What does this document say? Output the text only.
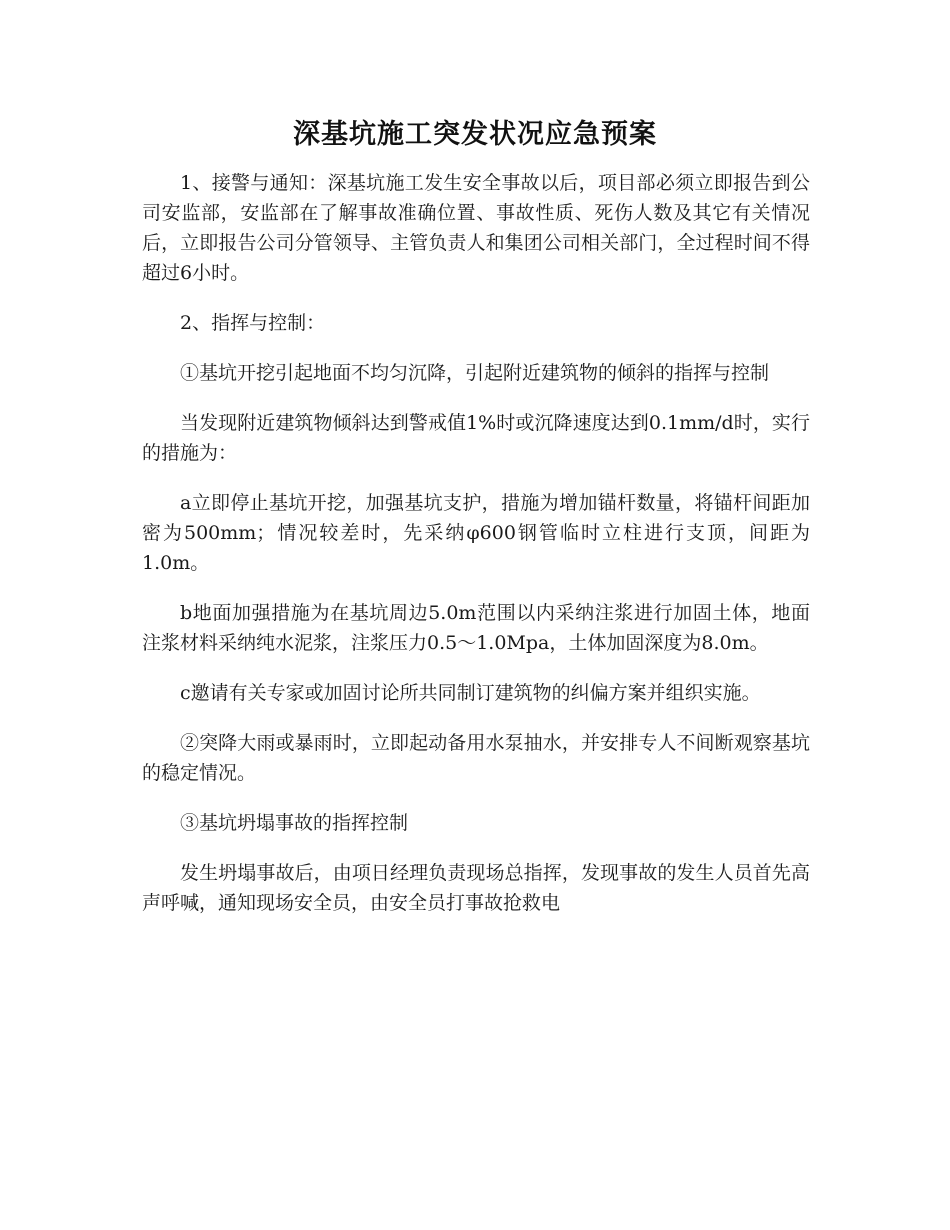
深基坑施工突发状况应急预案

1、接警与通知：深基坑施工发生安全事故以后，项目部必须立即报告到公司安监部，安监部在了解事故准确位置、事故性质、死伤人数及其它有关情况后，立即报告公司分管领导、主管负责人和集团公司相关部门，全过程时间不得超过6小时。

2、指挥与控制：

①基坑开挖引起地面不均匀沉降，引起附近建筑物的倾斜的指挥与控制

当发现附近建筑物倾斜达到警戒值1%时或沉降速度达到0.1mm/d时，实行的措施为：

a立即停止基坑开挖，加强基坑支护，措施为增加锚杆数量，将锚杆间距加密为500mm；情况较差时，先采纳φ600钢管临时立柱进行支顶，间距为1.0m。

b地面加强措施为在基坑周边5.0m范围以内采纳注浆进行加固土体，地面注浆材料采纳纯水泥浆，注浆压力0.5～1.0Mpa，土体加固深度为8.0m。

c邀请有关专家或加固讨论所共同制订建筑物的纠偏方案并组织实施。

②突降大雨或暴雨时，立即起动备用水泵抽水，并安排专人不间断观察基坑的稳定情况。

③基坑坍塌事故的指挥控制

发生坍塌事故后，由项日经理负责现场总指挥，发现事故的发生人员首先高声呼喊，通知现场安全员，由安全员打事故抢救电
